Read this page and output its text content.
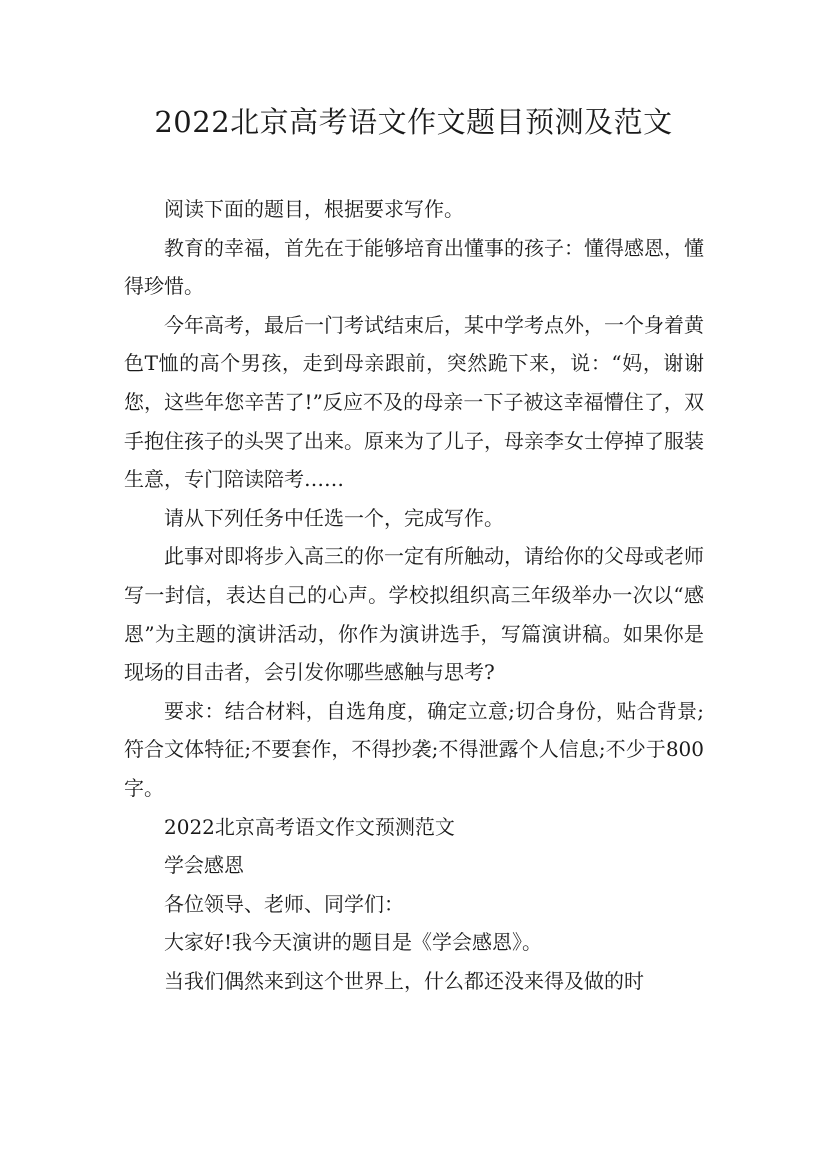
2022北京高考语文作文题目预测及范文

阅读下面的题目，根据要求写作。

教育的幸福，首先在于能够培育出懂事的孩子：懂得感恩，懂得珍惜。

今年高考，最后一门考试结束后，某中学考点外，一个身着黄色T恤的高个男孩，走到母亲跟前，突然跪下来，说：“妈，谢谢您，这些年您辛苦了!”反应不及的母亲一下子被这幸福懵住了，双手抱住孩子的头哭了出来。原来为了儿子，母亲李女士停掉了服装生意，专门陪读陪考……

请从下列任务中任选一个，完成写作。

此事对即将步入高三的你一定有所触动，请给你的父母或老师写一封信，表达自己的心声。学校拟组织高三年级举办一次以“感恩”为主题的演讲活动，你作为演讲选手，写篇演讲稿。如果你是现场的目击者，会引发你哪些感触与思考?

要求：结合材料，自选角度，确定立意;切合身份，贴合背景;符合文体特征;不要套作，不得抄袭;不得泄露个人信息;不少于800字。

2022北京高考语文作文预测范文

学会感恩

各位领导、老师、同学们：

大家好!我今天演讲的题目是《学会感恩》。

当我们偶然来到这个世界上，什么都还没来得及做的时
